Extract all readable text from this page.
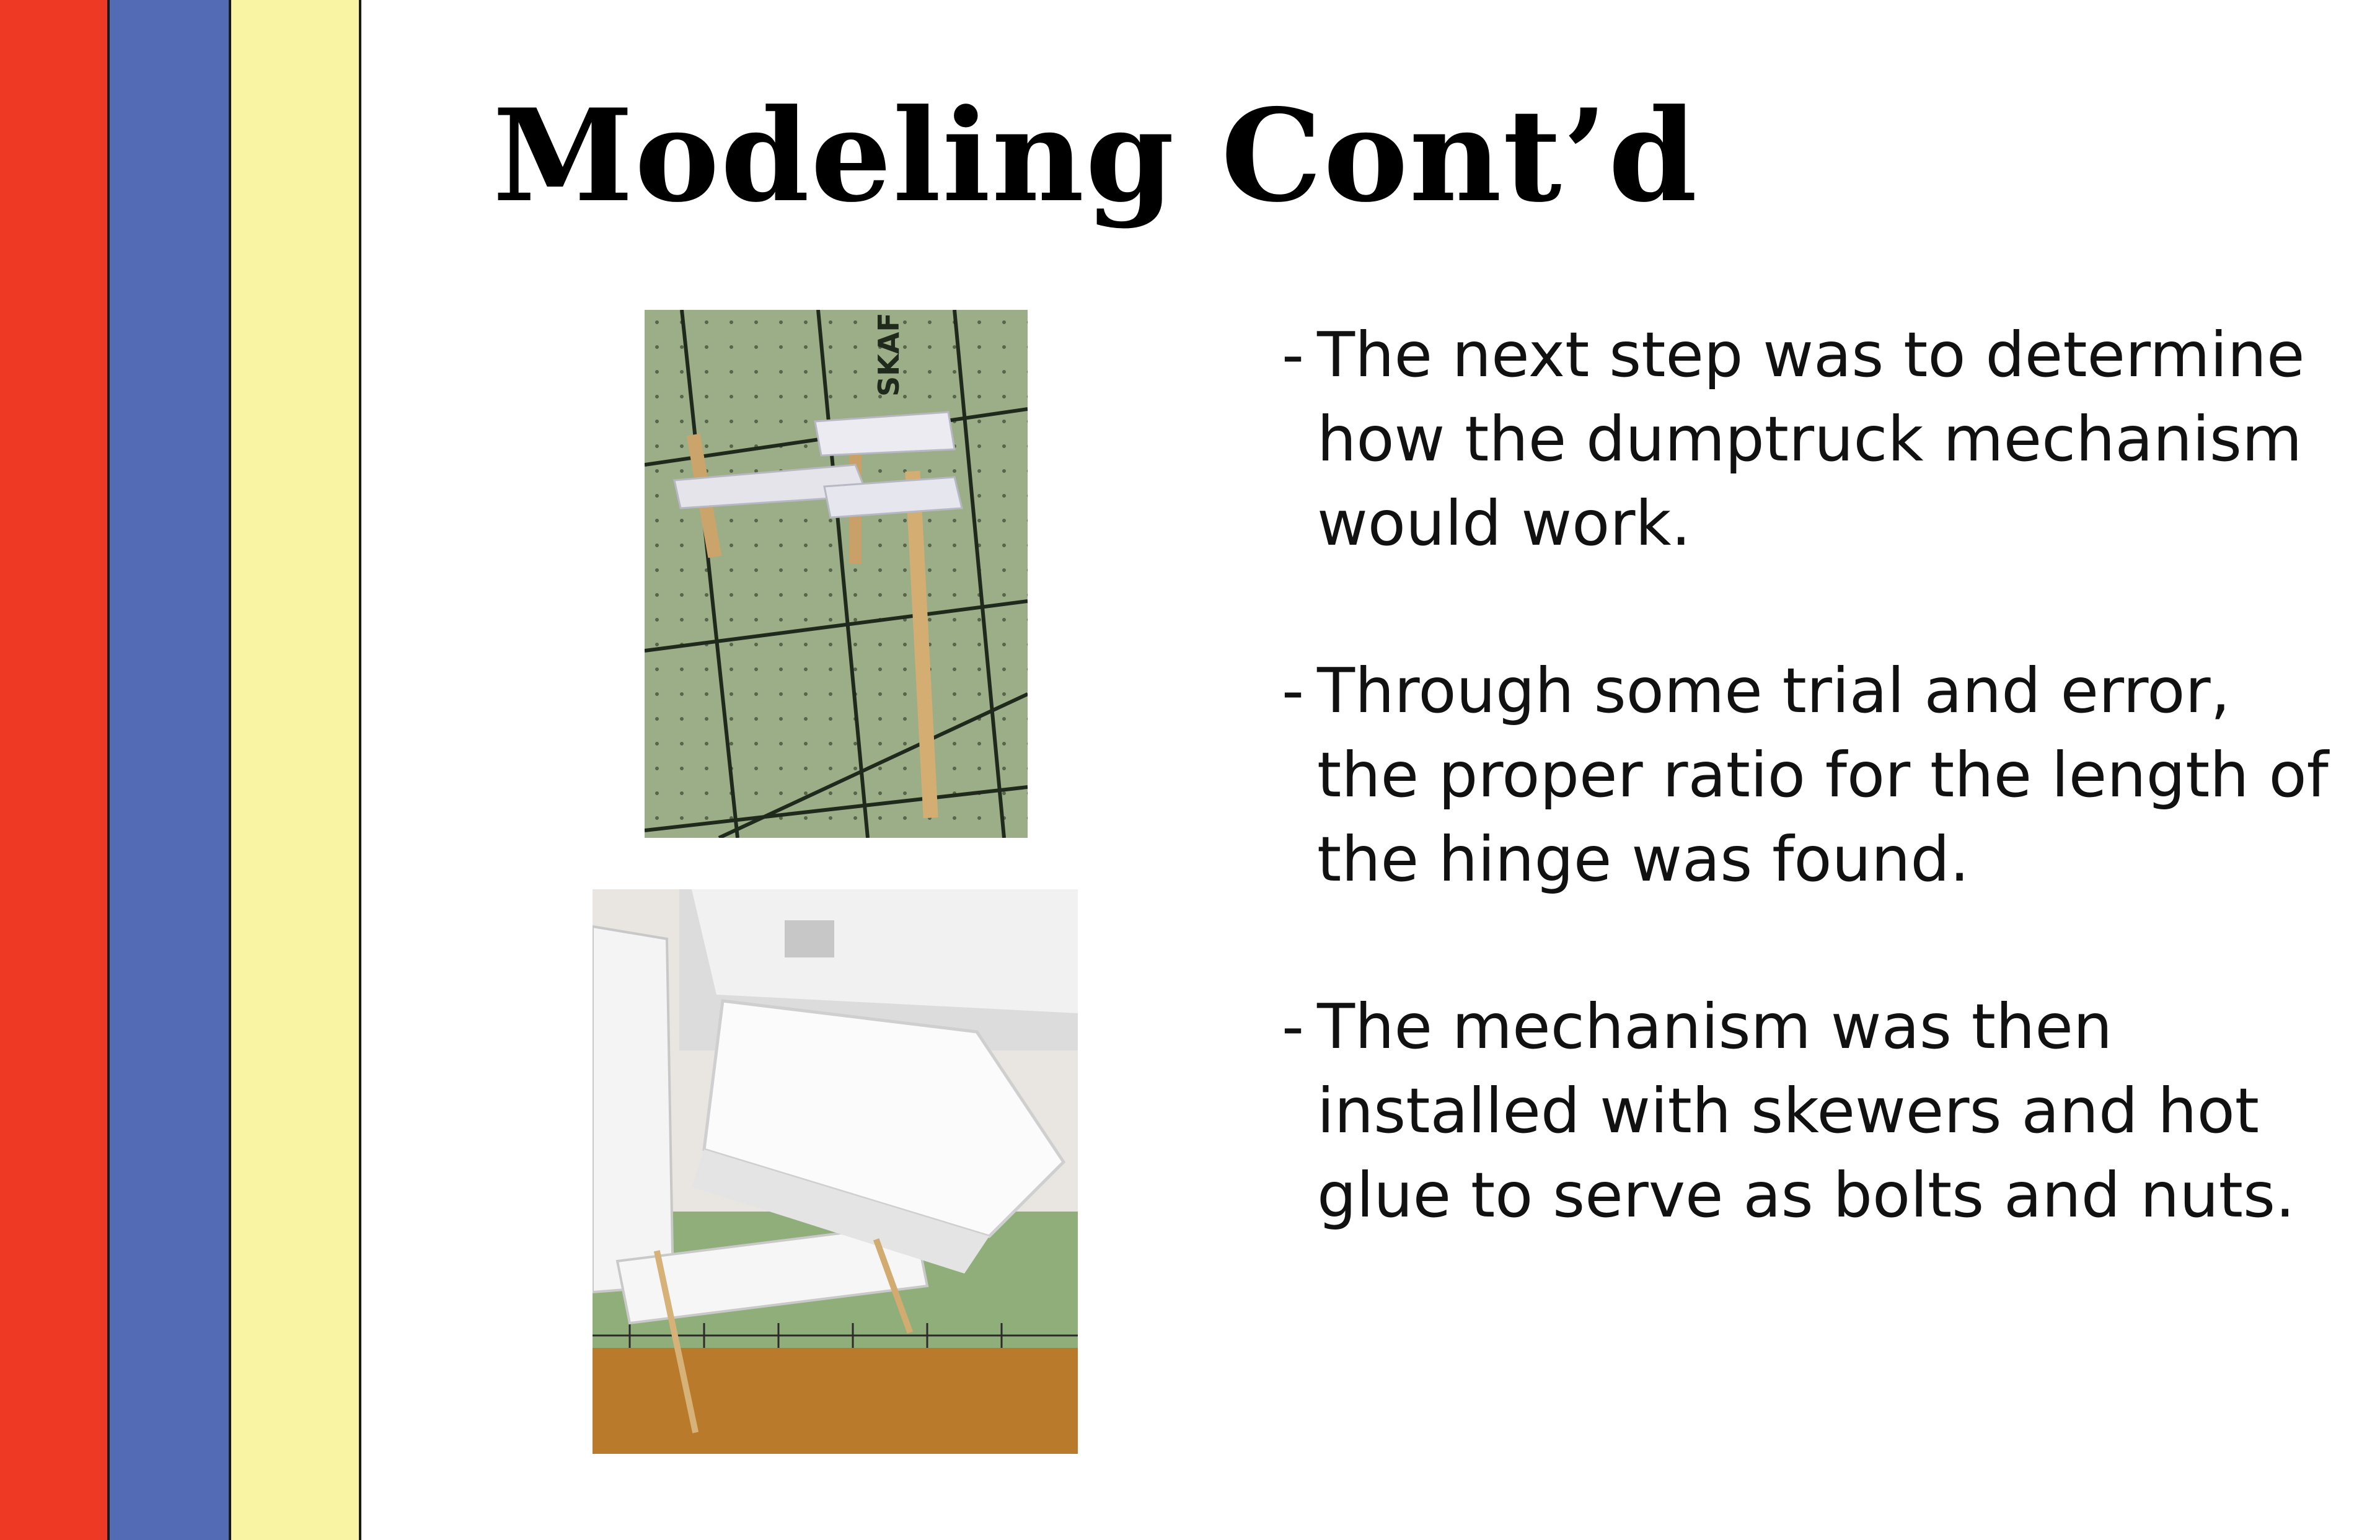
Modeling Cont’d
SKAF	- The next step was to determine how the dumptruck mechanism would work.
- Through some trial and error, the proper ratio for the length of the hinge was found.
- The mechanism was then installed with skewers and hot glue to serve as bolts and nuts.
